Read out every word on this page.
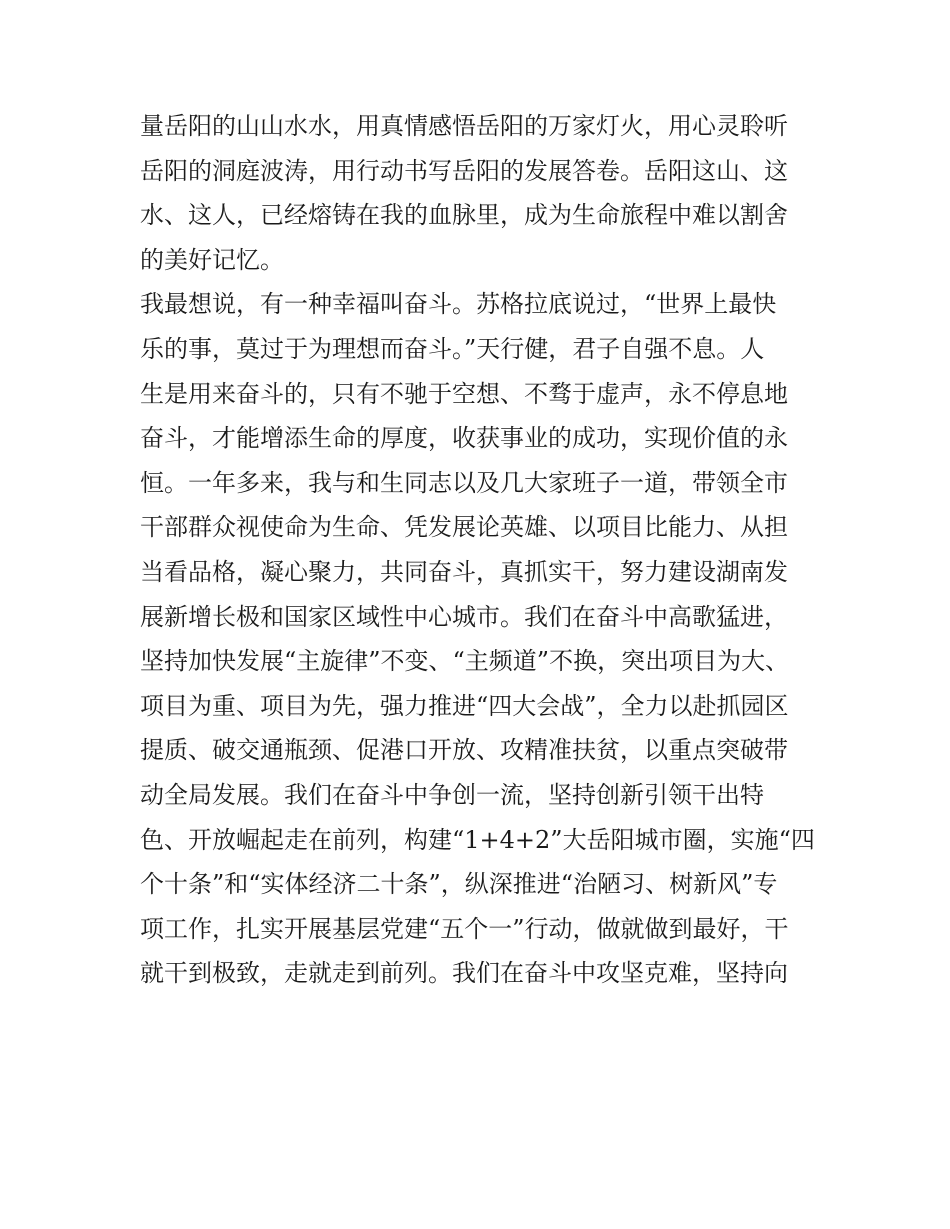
量岳阳的山山水水，用真情感悟岳阳的万家灯火，用心灵聆听
岳阳的洞庭波涛，用行动书写岳阳的发展答卷。岳阳这山、这
水、这人，已经熔铸在我的血脉里，成为生命旅程中难以割舍
的美好记忆。
我最想说，有一种幸福叫奋斗。苏格拉底说过，“世界上最快
乐的事，莫过于为理想而奋斗。”天行健，君子自强不息。人
生是用来奋斗的，只有不驰于空想、不骛于虚声，永不停息地
奋斗，才能增添生命的厚度，收获事业的成功，实现价值的永
恒。一年多来，我与和生同志以及几大家班子一道，带领全市
干部群众视使命为生命、凭发展论英雄、以项目比能力、从担
当看品格，凝心聚力，共同奋斗，真抓实干，努力建设湖南发
展新增长极和国家区域性中心城市。我们在奋斗中高歌猛进，
坚持加快发展“主旋律”不变、“主频道”不换，突出项目为大、
项目为重、项目为先，强力推进“四大会战”，全力以赴抓园区
提质、破交通瓶颈、促港口开放、攻精准扶贫，以重点突破带
动全局发展。我们在奋斗中争创一流，坚持创新引领干出特
色、开放崛起走在前列，构建“1+4+2”大岳阳城市圈，实施“四
个十条”和“实体经济二十条”，纵深推进“治陋习、树新风”专
项工作，扎实开展基层党建“五个一”行动，做就做到最好，干
就干到极致，走就走到前列。我们在奋斗中攻坚克难，坚持向
